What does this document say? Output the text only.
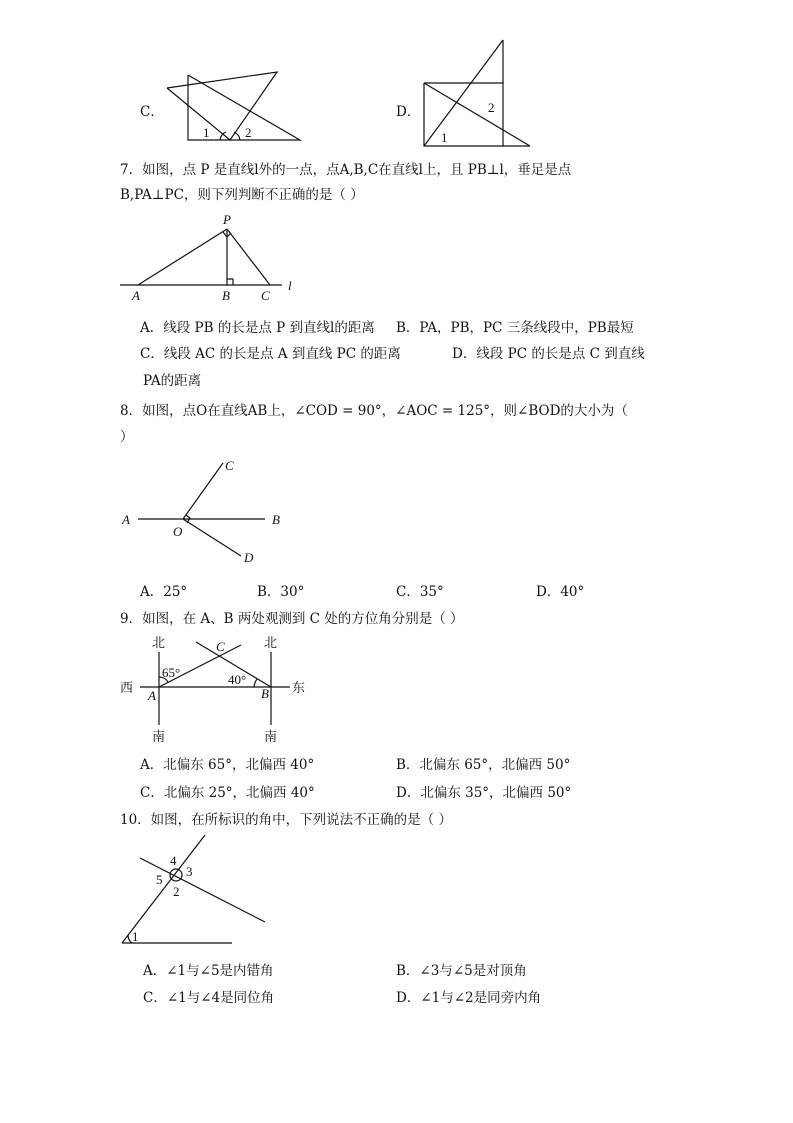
C．
1	2
D．
1
2
7．如图，点 P 是直线l外的一点，点A,B,C在直线l上，且 PB⊥l，垂足是点
B,PA⊥PC，则下列判断不正确的是（ ）
P
A	B C
l
A．线段 PB 的长是点 P 到直线l的距离 B．PA，PB，PC 三条线段中，PB最短
C．线段 AC 的长是点 A 到直线 PC 的距离	D．线段 PC 的长是点 C 到直线
PA的距离
8．如图，点O在直线AB上，∠COD = 90°，∠AOC = 125°，则∠BOD的大小为（
）
A	B
C
D
O
A．25°	B．30°	C．35°	D．40°
9．如图，在 A、B 两处观测到 C 处的方位角分别是（ ）
北	北
西	东
南	南
C
A	B
65°	40°
A．北偏东 65°，北偏西 40°	B．北偏东 65°，北偏西 50°
C．北偏东 25°，北偏西 40°	D．北偏东 35°，北偏西 50°
10．如图，在所标识的角中，下列说法不正确的是（ ）
1
2
3
4
5
A．∠1与∠5是内错角	B．∠3与∠5是对顶角
C．∠1与∠4是同位角	D．∠1与∠2是同旁内角
